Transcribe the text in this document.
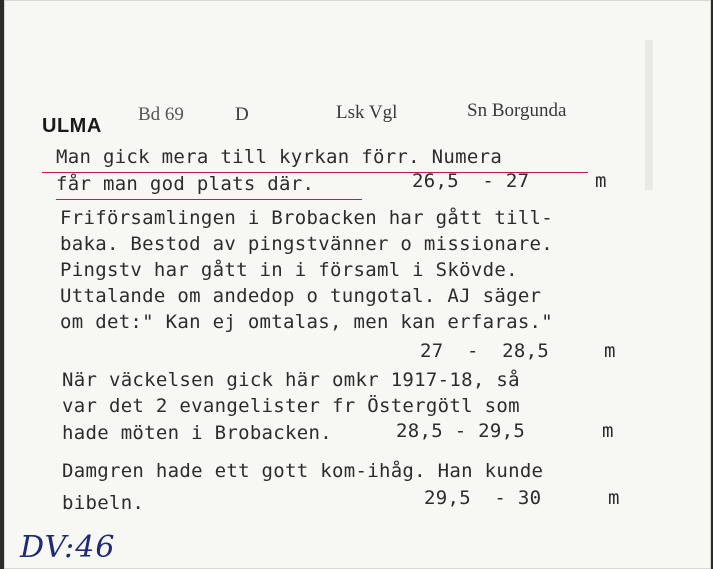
ULMA
Bd 69	D	Lsk Vgl	Sn Borgunda
Man gick mera till kyrkan förr. Numera
får man god plats där.	26,5  - 27	m
Friförsamlingen i Brobacken har gått till-
baka. Bestod av pingstvänner o missionare.
Pingstv har gått in i församl i Skövde.
Uttalande om andedop o tungotal. AJ säger
om det:" Kan ej omtalas, men kan erfaras."
27  -  28,5	m
När väckelsen gick här omkr 1917-18, så
var det 2 evangelister fr Östergötl som
hade möten i Brobacken.	28,5 - 29,5	m
Damgren hade ett gott kom-ihåg. Han kunde
bibeln.	29,5  - 30	m
DV:46
